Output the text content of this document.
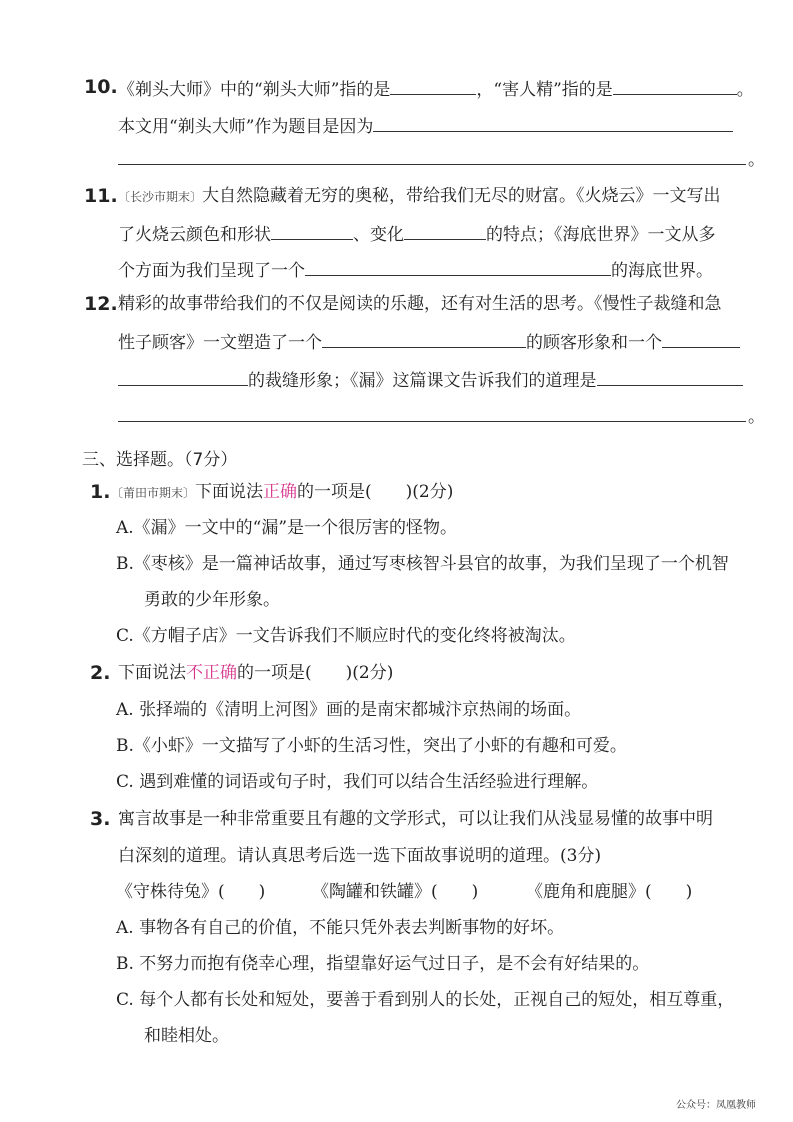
10. 《剃头大师》中的“剃头大师”指的是	，“害人精”指的是	。
本文用“剃头大师”作为题目是因为
。
11. 〔长沙市期末〕大自然隐藏着无穷的奥秘，带给我们无尽的财富。《火烧云》一文写出
了火烧云颜色和形状	、变化	的特点；《海底世界》一文从多
个方面为我们呈现了一个	的海底世界。
12. 精彩的故事带给我们的不仅是阅读的乐趣，还有对生活的思考。《慢性子裁缝和急
性子顾客》一文塑造了一个	的顾客形象和一个
的裁缝形象；《漏》这篇课文告诉我们的道理是
。
三、选择题。（7分）
1. 〔莆田市期末〕下面说法正确的一项是(　　)(2分)
A.《漏》一文中的“漏”是一个很厉害的怪物。
B.《枣核》是一篇神话故事，通过写枣核智斗县官的故事，为我们呈现了一个机智
勇敢的少年形象。
C.《方帽子店》一文告诉我们不顺应时代的变化终将被淘汰。
2. 下面说法不正确的一项是(　　)(2分)
A. 张择端的《清明上河图》画的是南宋都城汴京热闹的场面。
B.《小虾》一文描写了小虾的生活习性，突出了小虾的有趣和可爱。
C. 遇到难懂的词语或句子时，我们可以结合生活经验进行理解。
3. 寓言故事是一种非常重要且有趣的文学形式，可以让我们从浅显易懂的故事中明
白深刻的道理。请认真思考后选一选下面故事说明的道理。(3分)
《守株待兔》(　　)	《陶罐和铁罐》(　　)	《鹿角和鹿腿》(　　)
A. 事物各有自己的价值，不能只凭外表去判断事物的好坏。
B. 不努力而抱有侥幸心理，指望靠好运气过日子，是不会有好结果的。
C. 每个人都有长处和短处，要善于看到别人的长处，正视自己的短处，相互尊重，
和睦相处。
公众号：凤凰教师
